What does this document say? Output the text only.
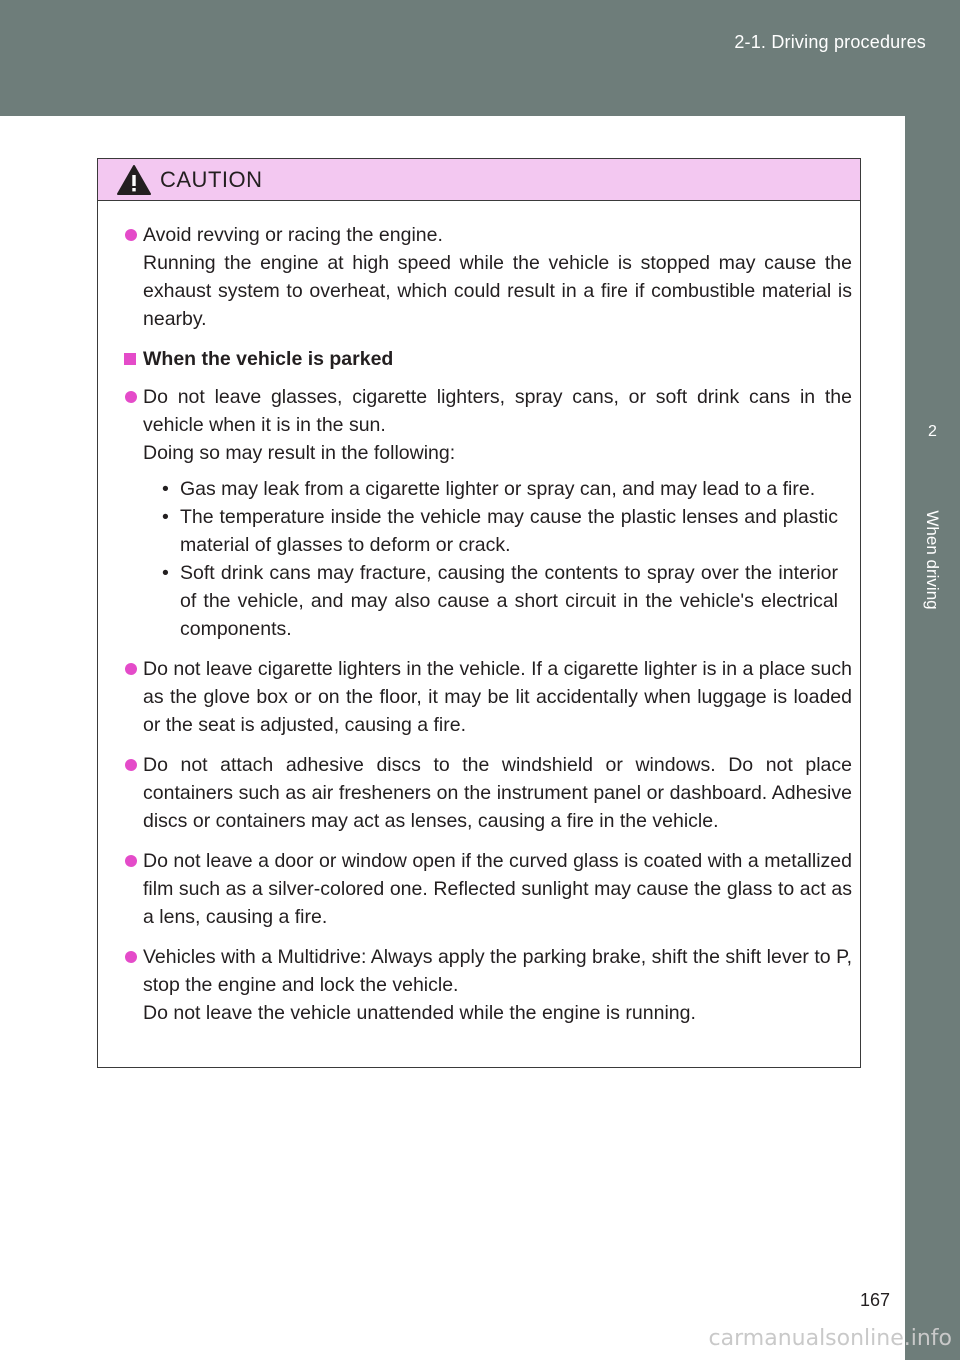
2-1. Driving procedures
2
When driving
CAUTION
Avoid revving or racing the engine.
Running the engine at high speed while the vehicle is stopped may cause the exhaust system to overheat, which could result in a fire if combustible material is nearby.
When the vehicle is parked
Do not leave glasses, cigarette lighters, spray cans, or soft drink cans in the vehicle when it is in the sun.
Doing so may result in the following:
• Gas may leak from a cigarette lighter or spray can, and may lead to a fire.
• The temperature inside the vehicle may cause the plastic lenses and plastic material of glasses to deform or crack.
• Soft drink cans may fracture, causing the contents to spray over the interior of the vehicle, and may also cause a short circuit in the vehicle's electrical components.
Do not leave cigarette lighters in the vehicle. If a cigarette lighter is in a place such as the glove box or on the floor, it may be lit accidentally when luggage is loaded or the seat is adjusted, causing a fire.
Do not attach adhesive discs to the windshield or windows. Do not place containers such as air fresheners on the instrument panel or dashboard. Adhesive discs or containers may act as lenses, causing a fire in the vehicle.
Do not leave a door or window open if the curved glass is coated with a metallized film such as a silver-colored one. Reflected sunlight may cause the glass to act as a lens, causing a fire.
Vehicles with a Multidrive: Always apply the parking brake, shift the shift lever to P, stop the engine and lock the vehicle.
Do not leave the vehicle unattended while the engine is running.
167
carmanualsonline.info
